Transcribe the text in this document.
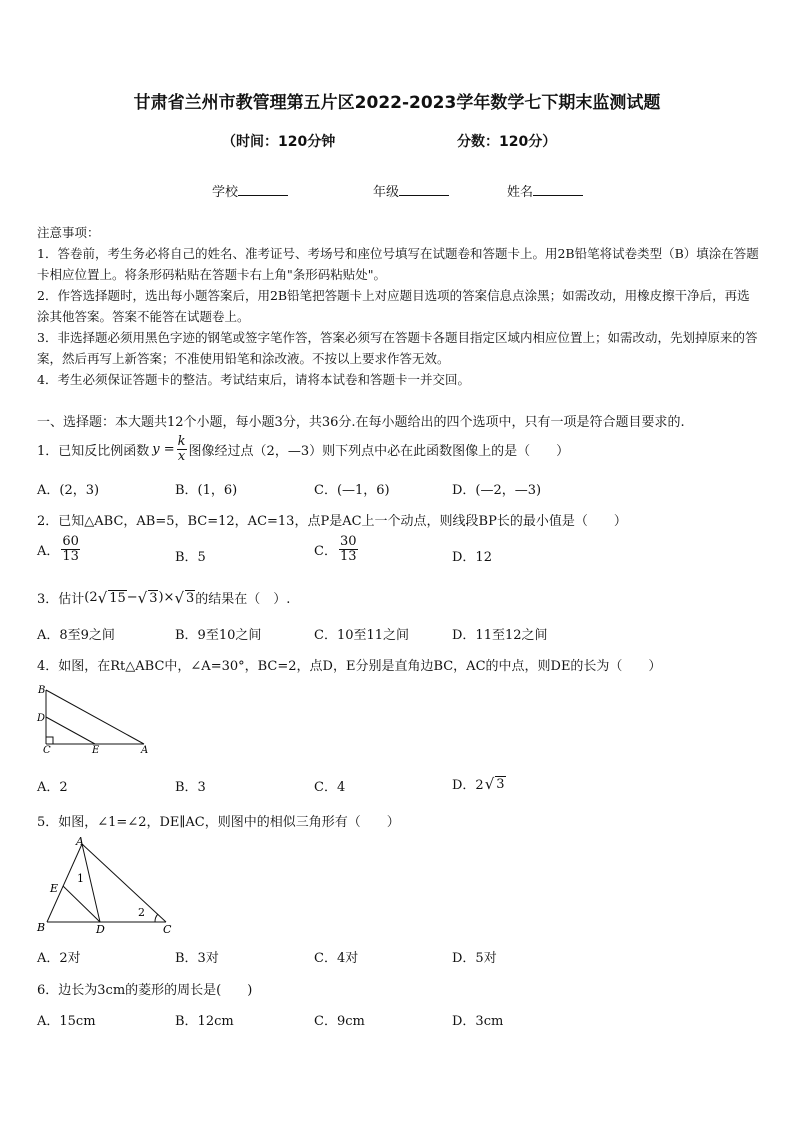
甘肃省兰州市教管理第五片区2022-2023学年数学七下期末监测试题
（时间：120分钟	分数：120分）
学校	年级	姓名
注意事项：
1．答卷前，考生务必将自己的姓名、准考证号、考场号和座位号填写在试题卷和答题卡上。用2B铅笔将试卷类型（B）填涂在答题卡相应位置上。将条形码粘贴在答题卡右上角"条形码粘贴处"。
2．作答选择题时，选出每小题答案后，用2B铅笔把答题卡上对应题目选项的答案信息点涂黑；如需改动，用橡皮擦干净后，再选涂其他答案。答案不能答在试题卷上。
3．非选择题必须用黑色字迹的钢笔或签字笔作答，答案必须写在答题卡各题目指定区域内相应位置上；如需改动，先划掉原来的答案，然后再写上新答案；不准使用铅笔和涂改液。不按以上要求作答无效。
4．考生必须保证答题卡的整洁。考试结束后，请将本试卷和答题卡一并交回。
一、选择题：本大题共12个小题，每小题3分，共36分.在每小题给出的四个选项中，只有一项是符合题目要求的.
1．已知反比例函数 $y = \frac{k}{x}$ 图像经过点（2，—3）则下列点中必在此函数图像上的是（　　）
A．(2，3)	B．(1，6)	C．(—1，6)	D．(—2，—3)
2．已知△ABC，AB=5，BC=12，AC=13，点P是AC上一个动点，则线段BP长的最小值是（　　）
A． $\frac{60}{13}$	B．5	C． $\frac{30}{13}$	D．12
3．估计 (2 √ 15 − √ 3 )× √ 3 的结果在（　）.
A．8至9之间	B．9至10之间	C．10至11之间	D．11至12之间
4．如图，在Rt△ABC中，∠A=30°，BC=2，点D，E分别是直角边BC，AC的中点，则DE的长为（　　）
B
D
C	E	A
A．2	B．3	C．4	D．2 √ 3
5．如图，∠1=∠2，DE∥AC，则图中的相似三角形有（　　）
A
E
B	D	C
1
2
A．2对	B．3对	C．4对	D．5对
6．边长为3cm的菱形的周长是(　　)
A．15cm	B．12cm	C．9cm	D．3cm
